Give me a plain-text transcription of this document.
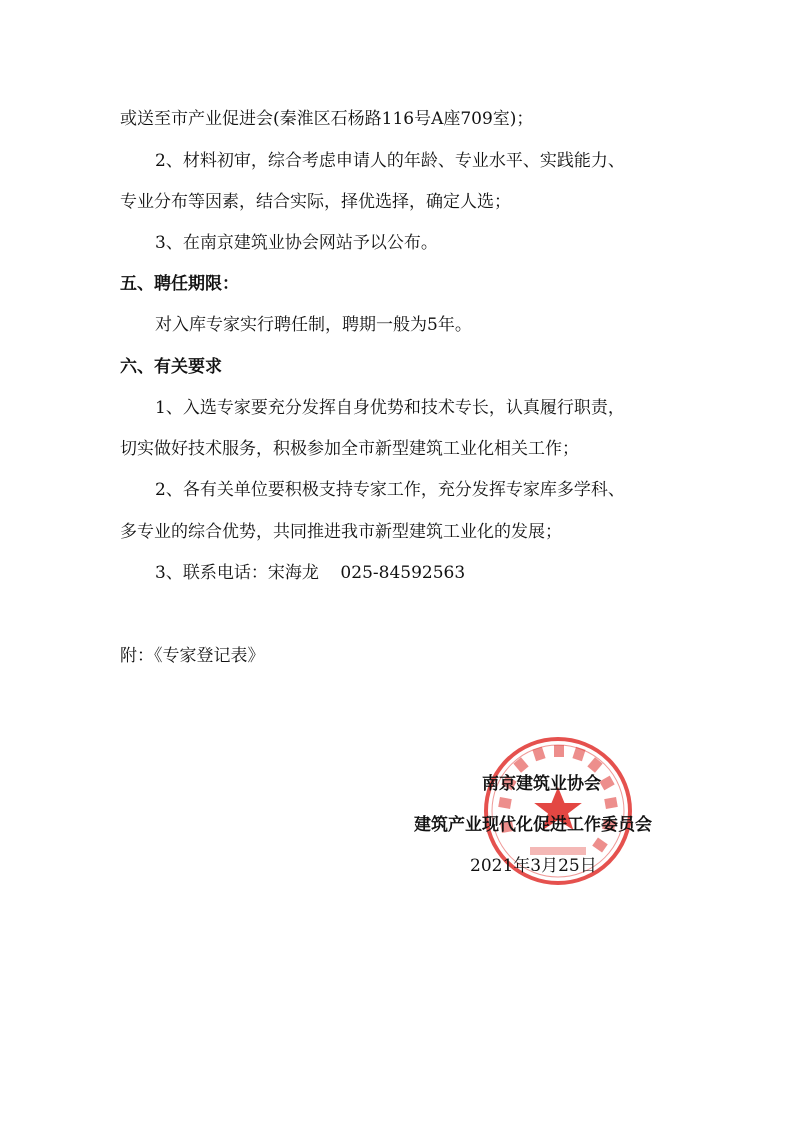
或送至市产业促进会(秦淮区石杨路116号A座709室)；
2、材料初审，综合考虑申请人的年龄、专业水平、实践能力、
专业分布等因素，结合实际，择优选择，确定人选；
3、在南京建筑业协会网站予以公布。
五、聘任期限：
对入库专家实行聘任制，聘期一般为5年。
六、有关要求
1、入选专家要充分发挥自身优势和技术专长，认真履行职责，
切实做好技术服务，积极参加全市新型建筑工业化相关工作；
2、各有关单位要积极支持专家工作，充分发挥专家库多学科、
多专业的综合优势，共同推进我市新型建筑工业化的发展；
3、联系电话：宋海龙    025-84592563
附：《专家登记表》
南京建筑业协会
建筑产业现代化促进工作委员会
2021年3月25日
